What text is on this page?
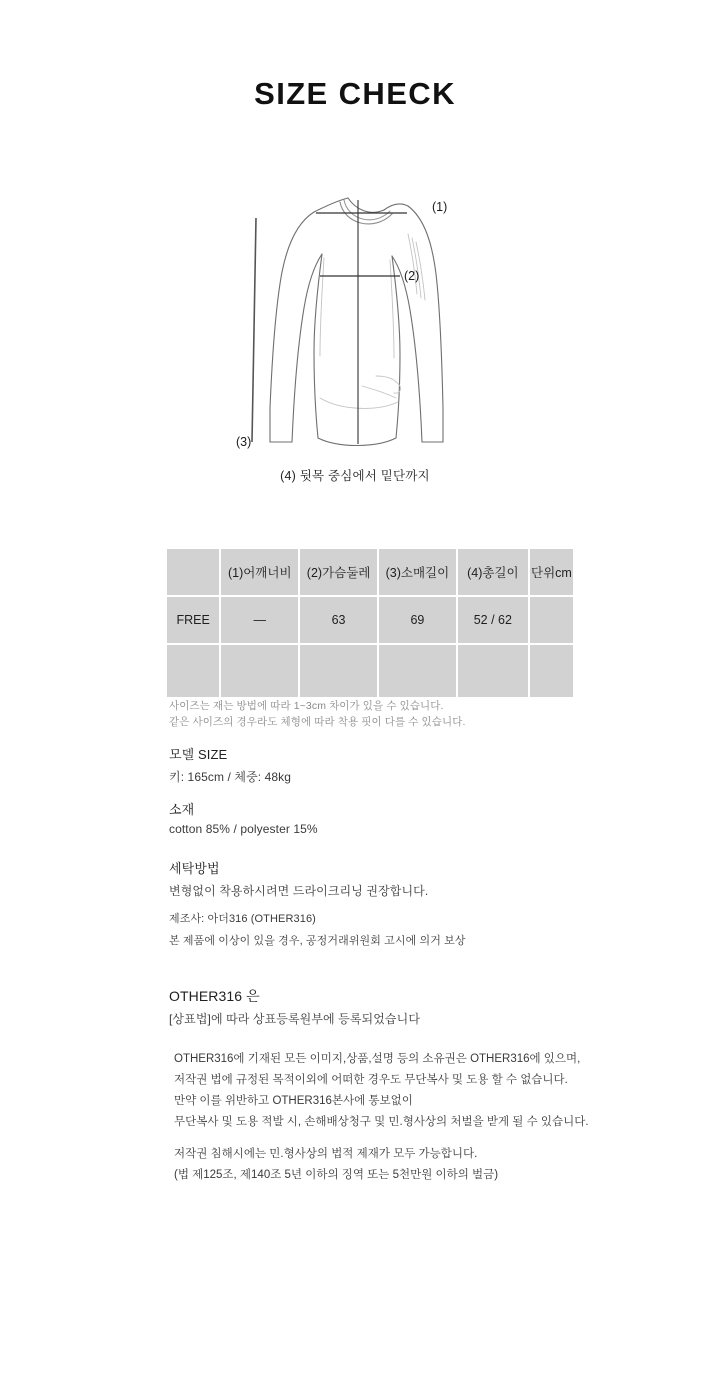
SIZE CHECK
(1)
(2)
(3)
(4) 뒷목 중심에서 밑단까지
	(1)어깨너비	(2)가슴둘레	(3)소매길이	(4)총길이	단위cm
FREE	—	63	69	52 / 62	

사이즈는 재는 방법에 따라 1~3cm 차이가 있을 수 있습니다.
같은 사이즈의 경우라도 체형에 따라 착용 핏이 다를 수 있습니다.
모델 SIZE
키: 165cm / 체중: 48kg
소재
cotton 85% / polyester 15%
세탁방법
변형없이 착용하시려면 드라이크리닝 권장합니다.
제조사: 아더316 (OTHER316)
본 제품에 이상이 있을 경우, 공정거래위원회 고시에 의거 보상
OTHER316 은
[상표법]에 따라 상표등록원부에 등록되었습니다
OTHER316에 기재된 모든 이미지,상품,설명 등의 소유권은 OTHER316에 있으며,
저작권 법에 규정된 목적이외에 어떠한 경우도 무단복사 및 도용 할 수 없습니다.
만약 이를 위반하고 OTHER316본사에 통보없이
무단복사 및 도용 적발 시, 손해배상청구 및 민.형사상의 처벌을 받게 될 수 있습니다.
저작권 침해시에는 민.형사상의 법적 제재가 모두 가능합니다.
(법 제125조, 제140조 5년 이하의 징역 또는 5천만원 이하의 벌금)
